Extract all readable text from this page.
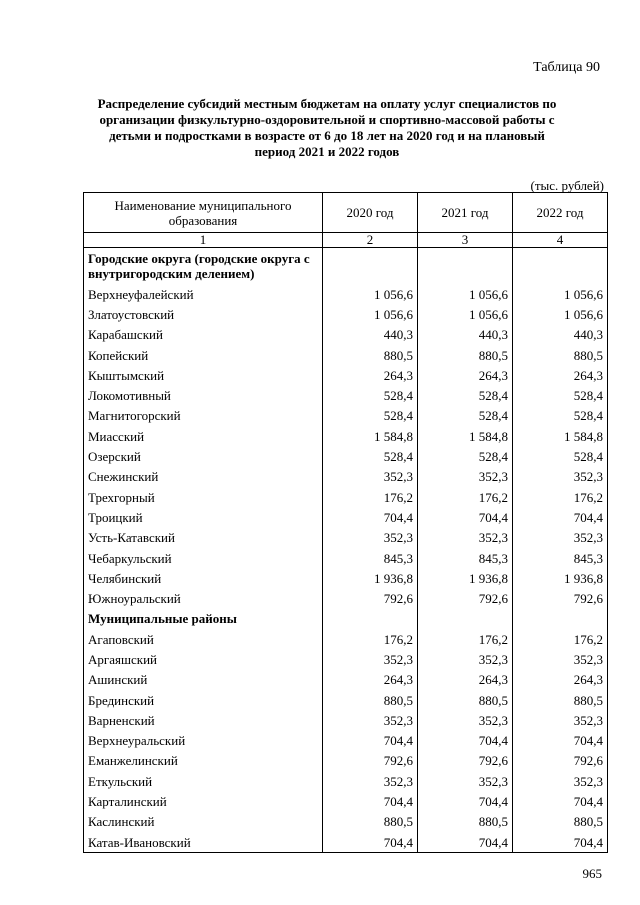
Таблица 90
Распределение субсидий местным бюджетам на оплату услуг специалистов по организации физкультурно-оздоровительной и спортивно-массовой работы с детьми и подростками в возрасте от 6 до 18 лет на 2020 год и на плановый период 2021 и 2022 годов
(тыс. рублей)
Наименование муниципального образования	2020 год	2021 год	2022 год
1	2	3	4
Городские округа (городские округа с внутригородским делением)			
Верхнеуфалейский	1 056,6	1 056,6	1 056,6
Златоустовский	1 056,6	1 056,6	1 056,6
Карабашский	440,3	440,3	440,3
Копейский	880,5	880,5	880,5
Кыштымский	264,3	264,3	264,3
Локомотивный	528,4	528,4	528,4
Магнитогорский	528,4	528,4	528,4
Миасский	1 584,8	1 584,8	1 584,8
Озерский	528,4	528,4	528,4
Снежинский	352,3	352,3	352,3
Трехгорный	176,2	176,2	176,2
Троицкий	704,4	704,4	704,4
Усть-Катавский	352,3	352,3	352,3
Чебаркульский	845,3	845,3	845,3
Челябинский	1 936,8	1 936,8	1 936,8
Южноуральский	792,6	792,6	792,6
Муниципальные районы			
Агаповский	176,2	176,2	176,2
Аргаяшский	352,3	352,3	352,3
Ашинский	264,3	264,3	264,3
Брединский	880,5	880,5	880,5
Варненский	352,3	352,3	352,3
Верхнеуральский	704,4	704,4	704,4
Еманжелинский	792,6	792,6	792,6
Еткульский	352,3	352,3	352,3
Карталинский	704,4	704,4	704,4
Каслинский	880,5	880,5	880,5
Катав-Ивановский	704,4	704,4	704,4
965
